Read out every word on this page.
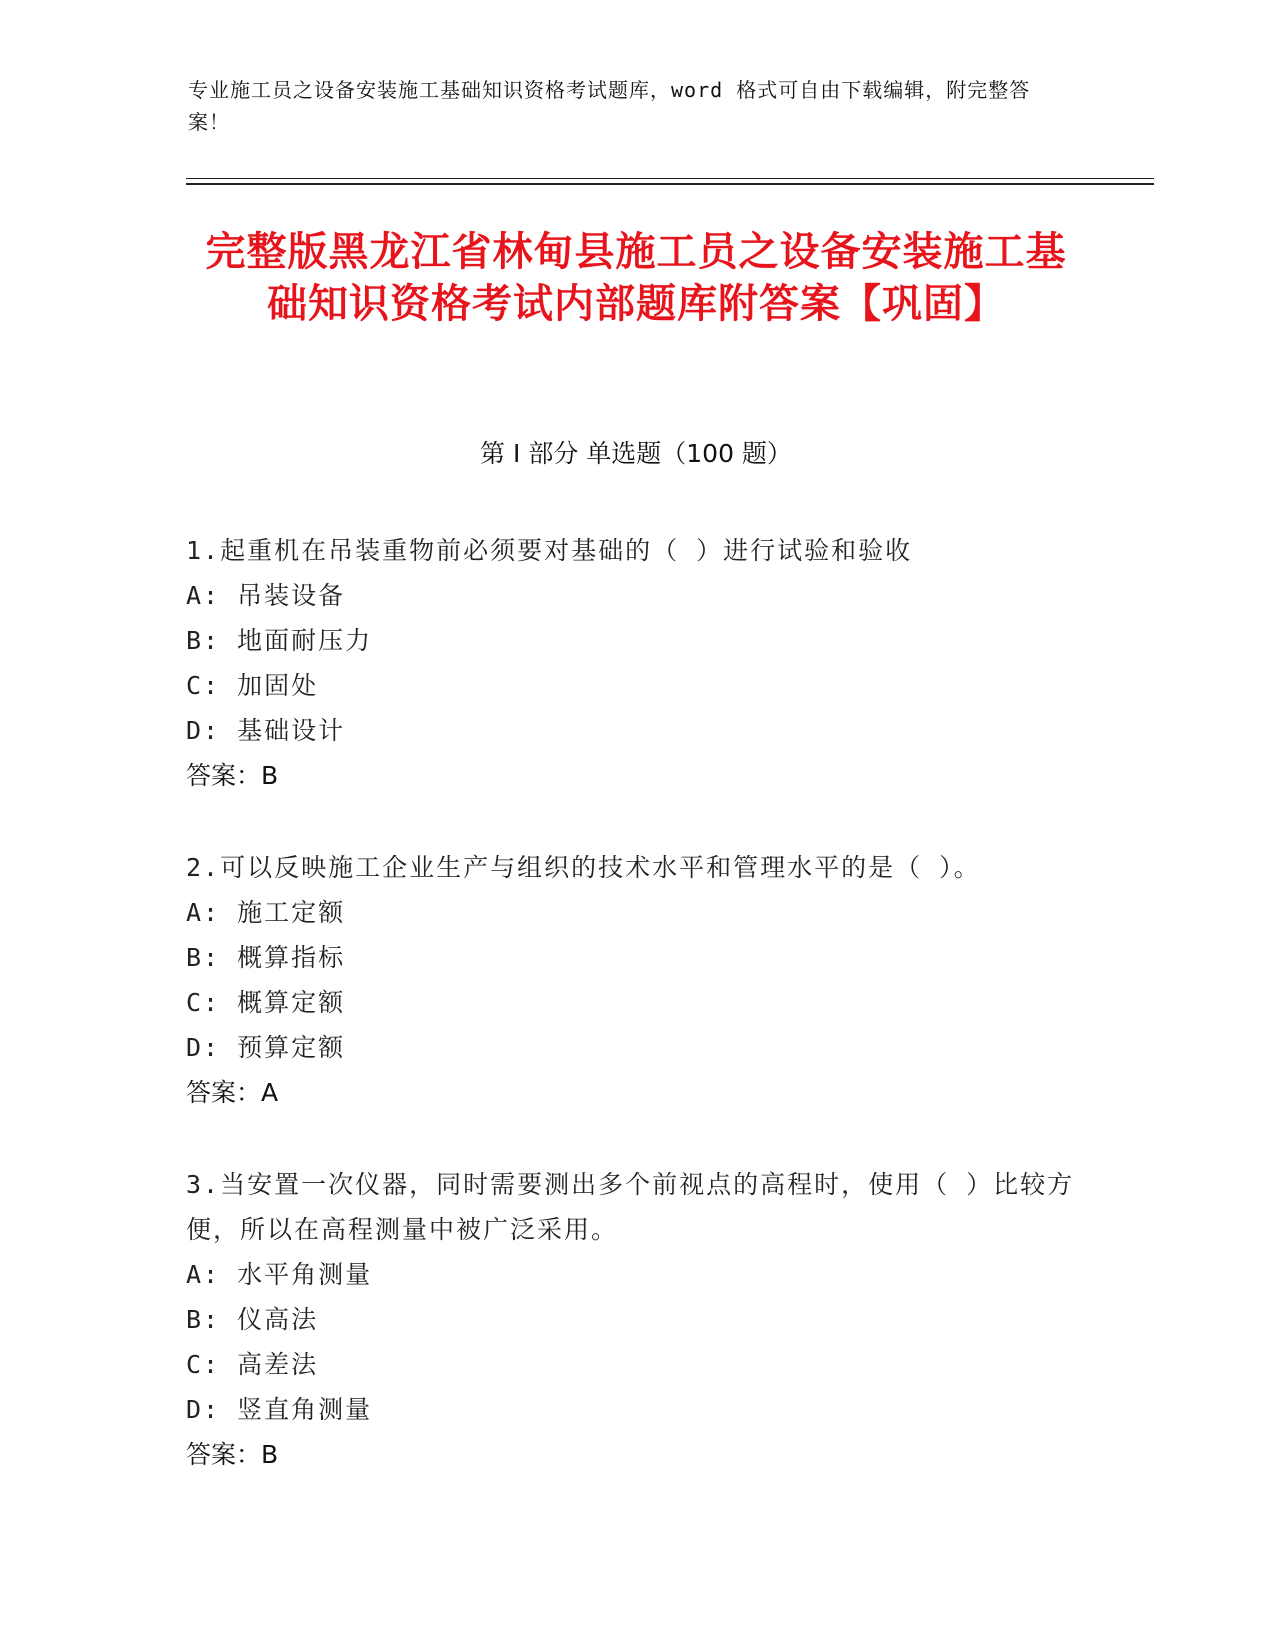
专业施工员之设备安装施工基础知识资格考试题库，word 格式可自由下载编辑，附完整答案！
完整版黑龙江省林甸县施工员之设备安装施工基础知识资格考试内部题库附答案【巩固】
第 I 部分 单选题（100 题）

1.起重机在吊装重物前必须要对基础的（ ）进行试验和验收

A: 吊装设备

B: 地面耐压力

C: 加固处

D: 基础设计

答案：B

2.可以反映施工企业生产与组织的技术水平和管理水平的是（ ）。

A: 施工定额

B: 概算指标

C: 概算定额

D: 预算定额

答案：A

3.当安置一次仪器，同时需要测出多个前视点的高程时，使用（ ）比较方便，所以在高程测量中被广泛采用。

A: 水平角测量

B: 仪高法

C: 高差法

D: 竖直角测量

答案：B
